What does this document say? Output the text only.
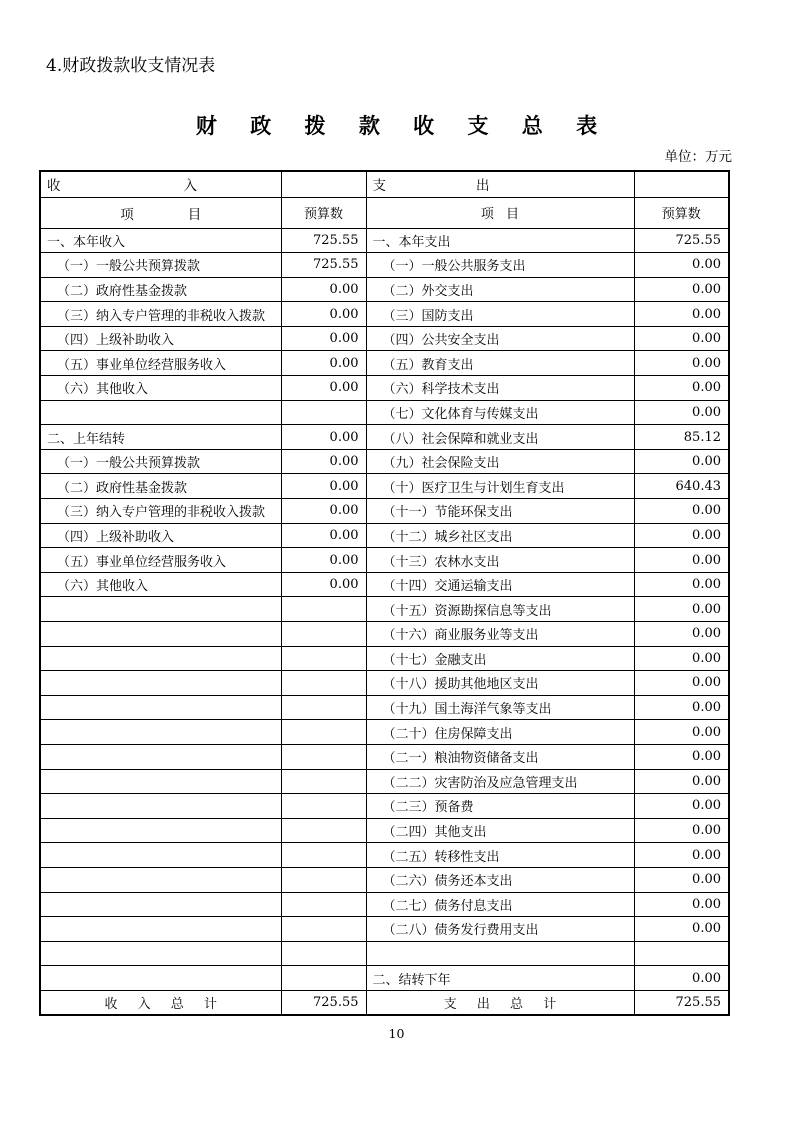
4.财政拨款收支情况表
财 政 拨 款 收 支 总 表
单位：万元
收 入		支 出	

项 目	预算数	项 目	预算数
一、本年收入	725.55	一、本年支出	725.55
（一）一般公共预算拨款	725.55	（一）一般公共服务支出	0.00
（二）政府性基金拨款	0.00	（二）外交支出	0.00
（三）纳入专户管理的非税收入拨款	0.00	（三）国防支出	0.00
（四）上级补助收入	0.00	（四）公共安全支出	0.00
（五）事业单位经营服务收入	0.00	（五）教育支出	0.00
（六）其他收入	0.00	（六）科学技术支出	0.00
		（七）文化体育与传媒支出	0.00
二、上年结转	0.00	（八）社会保障和就业支出	85.12
（一）一般公共预算拨款	0.00	（九）社会保险支出	0.00
（二）政府性基金拨款	0.00	（十）医疗卫生与计划生育支出	640.43
（三）纳入专户管理的非税收入拨款	0.00	（十一）节能环保支出	0.00
（四）上级补助收入	0.00	（十二）城乡社区支出	0.00
（五）事业单位经营服务收入	0.00	（十三）农林水支出	0.00
（六）其他收入	0.00	（十四）交通运输支出	0.00
		（十五）资源勘探信息等支出	0.00
		（十六）商业服务业等支出	0.00
		（十七）金融支出	0.00
		（十八）援助其他地区支出	0.00
		（十九）国土海洋气象等支出	0.00
		（二十）住房保障支出	0.00
		（二一）粮油物资储备支出	0.00
		（二二）灾害防治及应急管理支出	0.00
		（二三）预备费	0.00
		（二四）其他支出	0.00
		（二五）转移性支出	0.00
		（二六）债务还本支出	0.00
		（二七）债务付息支出	0.00
		（二八）债务发行费用支出	0.00

		二、结转下年	0.00
收 入 总 计	725.55	支 出 总 计	725.55
10
